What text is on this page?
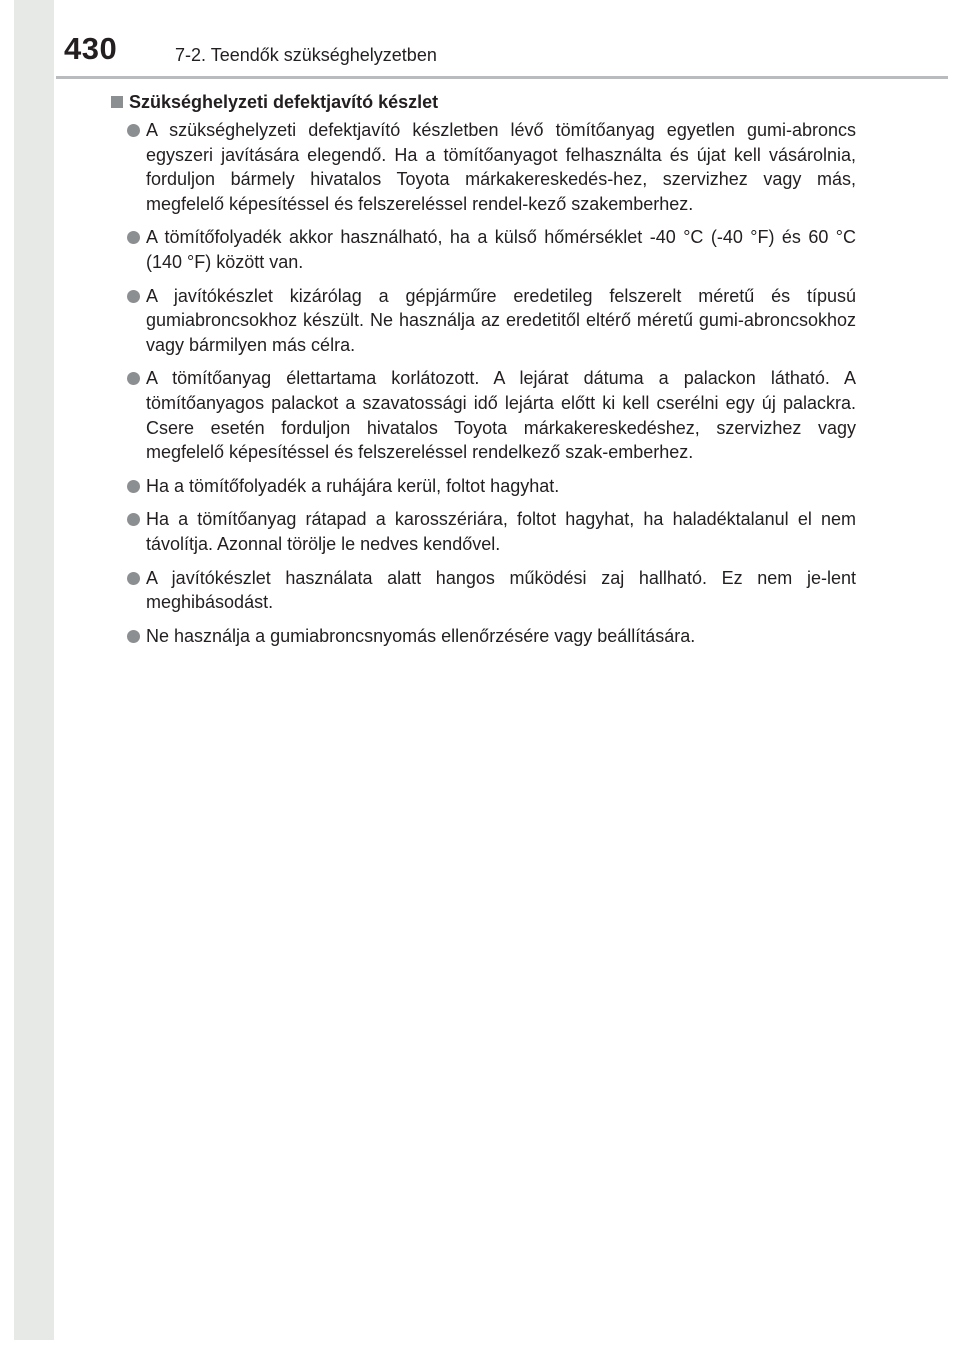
430	7-2. Teendők szükséghelyzetben
Szükséghelyzeti defektjavító készlet
A szükséghelyzeti defektjavító készletben lévő tömítőanyag egyetlen gumi-abroncs egyszeri javítására elegendő. Ha a tömítőanyagot felhasználta és újat kell vásárolnia, forduljon bármely hivatalos Toyota márkakereskedés-hez, szervizhez vagy más, megfelelő képesítéssel és felszereléssel rendel-kező szakemberhez.
A tömítőfolyadék akkor használható, ha a külső hőmérséklet -40 °C (-40 °F) és 60 °C (140 °F) között van.
A javítókészlet kizárólag a gépjárműre eredetileg felszerelt méretű és típusú gumiabroncsokhoz készült. Ne használja az eredetitől eltérő méretű gumi-abroncsokhoz vagy bármilyen más célra.
A tömítőanyag élettartama korlátozott. A lejárat dátuma a palackon látható. A tömítőanyagos palackot a szavatossági idő lejárta előtt ki kell cserélni egy új palackra. Csere esetén forduljon hivatalos Toyota márkakereskedéshez, szervizhez vagy megfelelő képesítéssel és felszereléssel rendelkező szak-emberhez.
Ha a tömítőfolyadék a ruhájára kerül, foltot hagyhat.
Ha a tömítőanyag rátapad a karosszériára, foltot hagyhat, ha haladéktalanul el nem távolítja. Azonnal törölje le nedves kendővel.
A javítókészlet használata alatt hangos működési zaj hallható. Ez nem je-lent meghibásodást.
Ne használja a gumiabroncsnyomás ellenőrzésére vagy beállítására.
